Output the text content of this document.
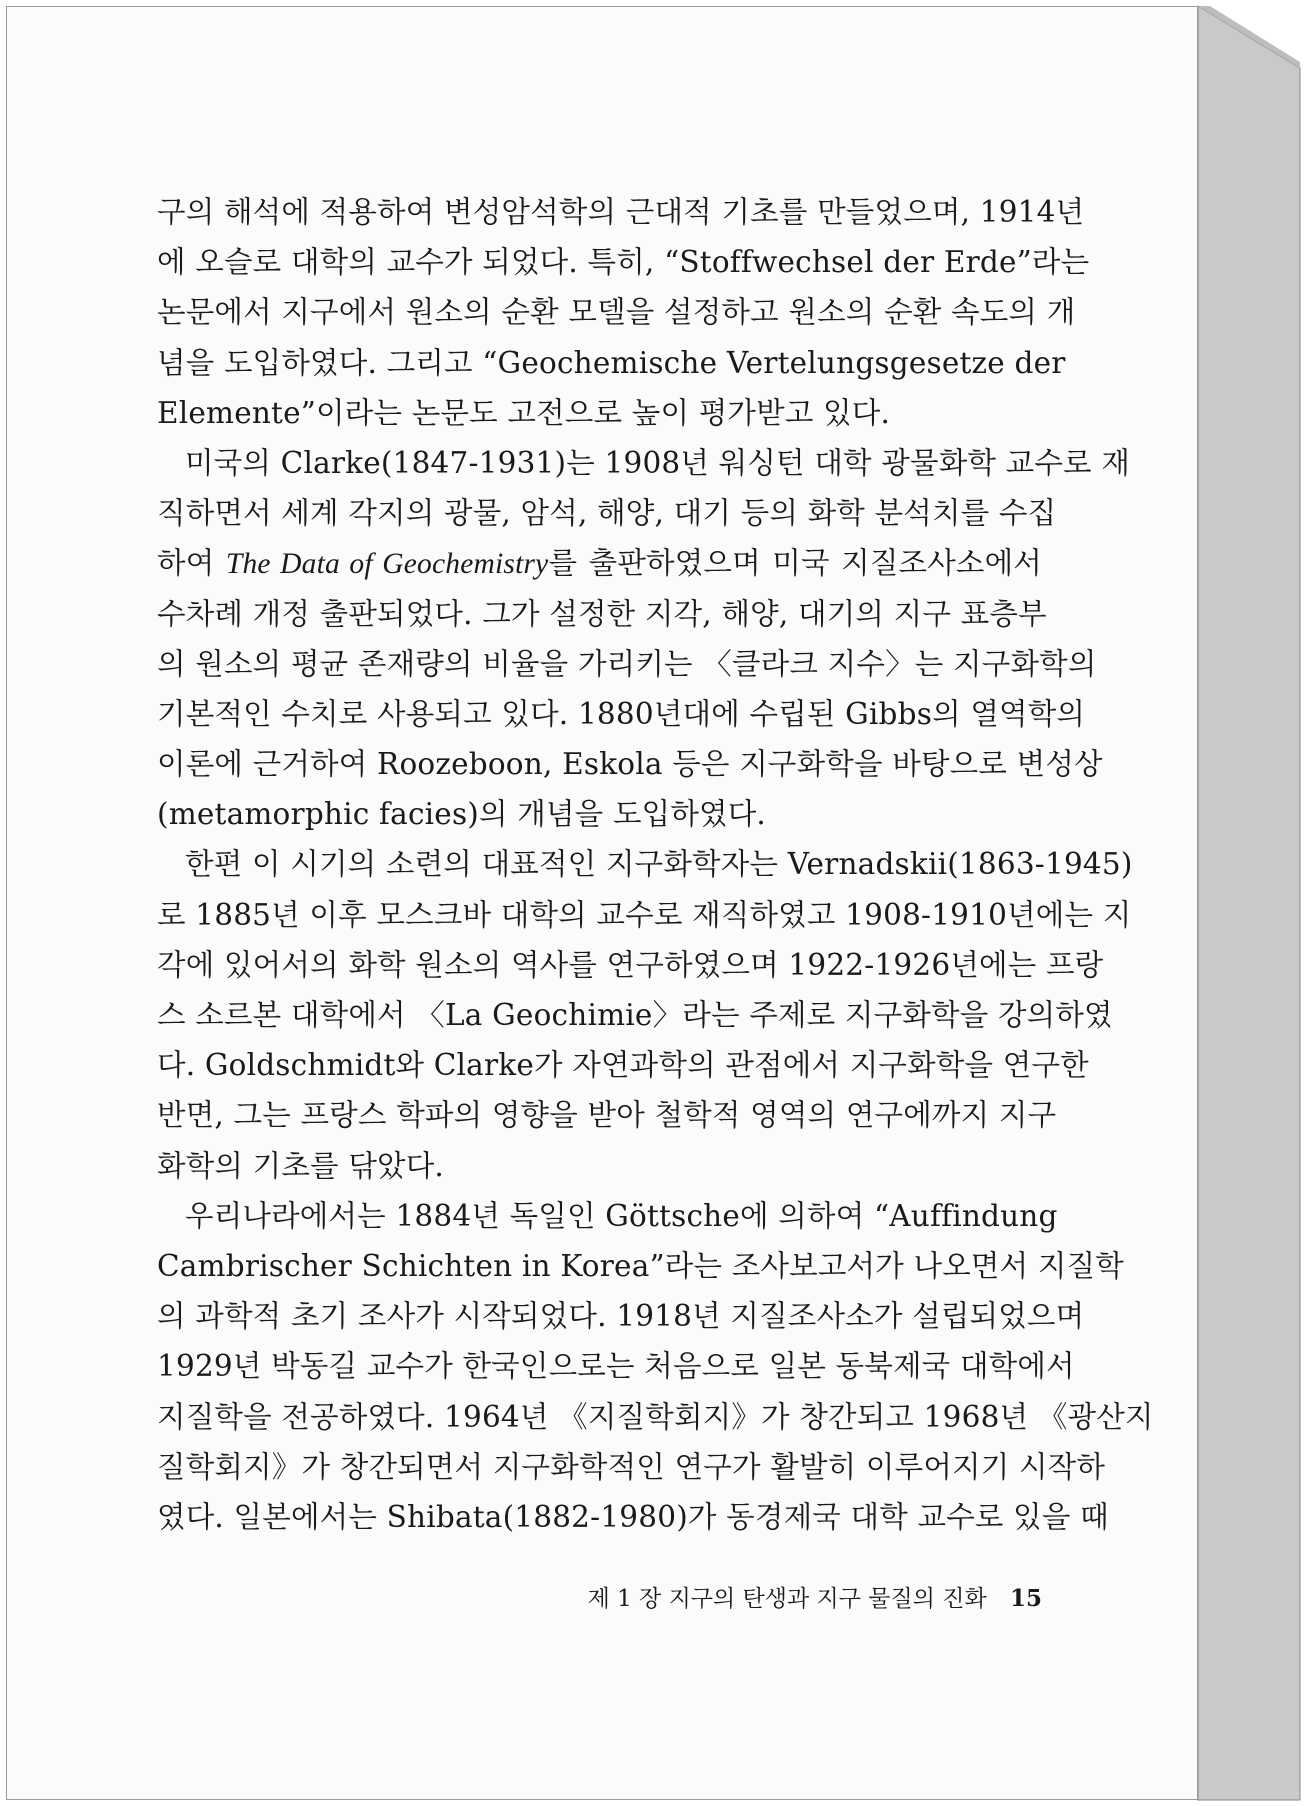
구의 해석에 적용하여 변성암석학의 근대적 기초를 만들었으며, 1914년
에 오슬로 대학의 교수가 되었다. 특히, “Stoffwechsel der Erde”라는
논문에서 지구에서 원소의 순환 모델을 설정하고 원소의 순환 속도의 개
념을 도입하였다. 그리고 “Geochemische Vertelungsgesetze der
Elemente”이라는 논문도 고전으로 높이 평가받고 있다.
미국의 Clarke(1847-1931)는 1908년 워싱턴 대학 광물화학 교수로 재
직하면서 세계 각지의 광물, 암석, 해양, 대기 등의 화학 분석치를 수집
하여 The Data of Geochemistry를 출판하였으며 미국 지질조사소에서
수차례 개정 출판되었다. 그가 설정한 지각, 해양, 대기의 지구 표층부
의 원소의 평균 존재량의 비율을 가리키는 〈클라크 지수〉는 지구화학의
기본적인 수치로 사용되고 있다. 1880년대에 수립된 Gibbs의 열역학의
이론에 근거하여 Roozeboon, Eskola 등은 지구화학을 바탕으로 변성상
(metamorphic facies)의 개념을 도입하였다.
한편 이 시기의 소련의 대표적인 지구화학자는 Vernadskii(1863-1945)
로 1885년 이후 모스크바 대학의 교수로 재직하였고 1908-1910년에는 지
각에 있어서의 화학 원소의 역사를 연구하였으며 1922-1926년에는 프랑
스 소르본 대학에서 〈La Geochimie〉라는 주제로 지구화학을 강의하였
다. Goldschmidt와 Clarke가 자연과학의 관점에서 지구화학을 연구한
반면, 그는 프랑스 학파의 영향을 받아 철학적 영역의 연구에까지 지구
화학의 기초를 닦았다.
우리나라에서는 1884년 독일인 Göttsche에 의하여 “Auffindung
Cambrischer Schichten in Korea”라는 조사보고서가 나오면서 지질학
의 과학적 초기 조사가 시작되었다. 1918년 지질조사소가 설립되었으며
1929년 박동길 교수가 한국인으로는 처음으로 일본 동북제국 대학에서
지질학을 전공하였다. 1964년 《지질학회지》가 창간되고 1968년 《광산지
질학회지》가 창간되면서 지구화학적인 연구가 활발히 이루어지기 시작하
였다. 일본에서는 Shibata(1882-1980)가 동경제국 대학 교수로 있을 때
제 1 장 지구의 탄생과 지구 물질의 진화 15
